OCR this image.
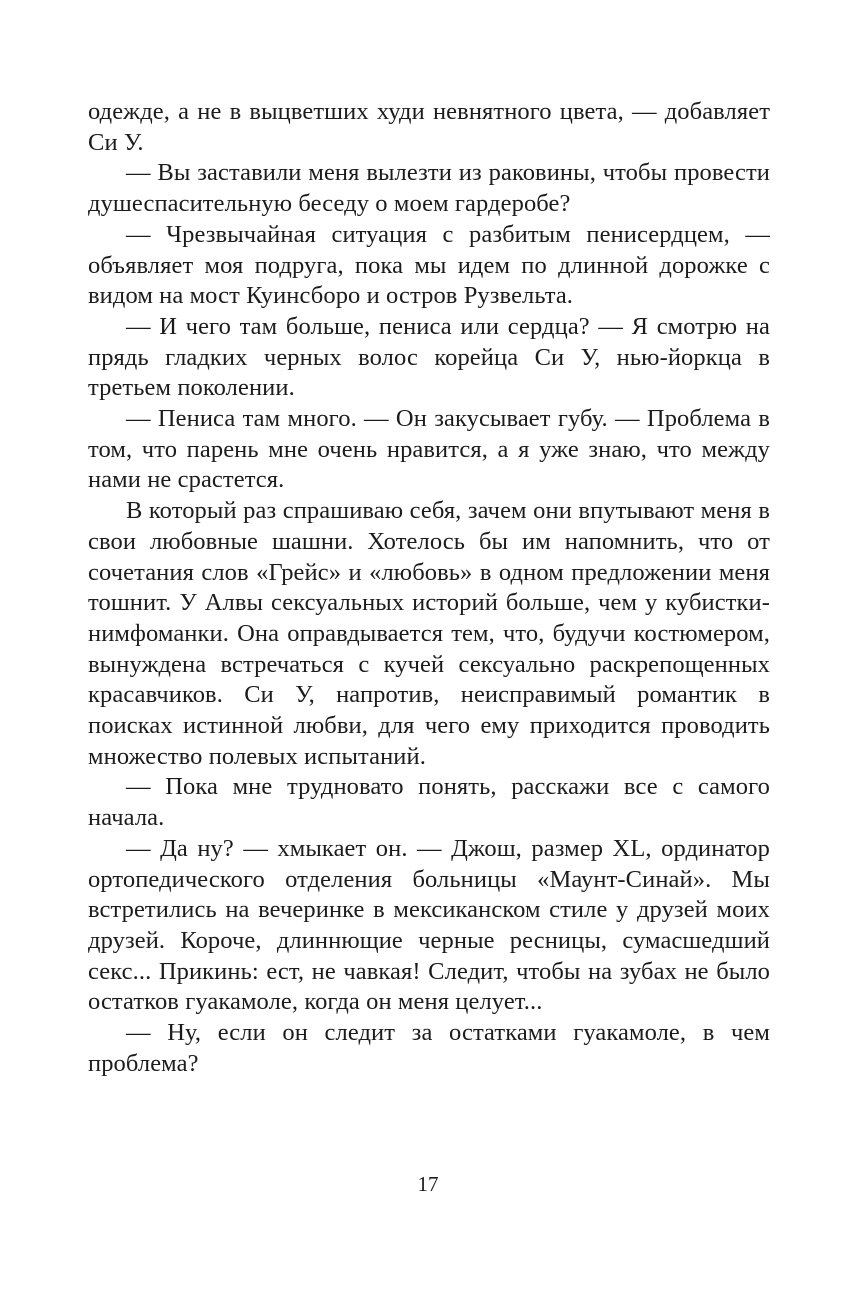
одежде, а не в выцветших худи невнятного цвета, — добавляет Си У.

— Вы заставили меня вылезти из раковины, чтобы провести душеспасительную беседу о моем гардеробе?

— Чрезвычайная ситуация с разбитым пенисердцем, — объявляет моя подруга, пока мы идем по длинной дорожке с видом на мост Куинсборо и остров Рузвельта.

— И чего там больше, пениса или сердца? — Я смотрю на прядь гладких черных волос корейца Си У, нью-йоркца в третьем поколении.

— Пениса там много. — Он закусывает губу. — Проблема в том, что парень мне очень нравится, а я уже знаю, что между нами не срастется.

В который раз спрашиваю себя, зачем они впутывают меня в свои любовные шашни. Хотелось бы им напомнить, что от сочетания слов «Грейс» и «любовь» в одном предложении меня тошнит. У Алвы сексуальных историй больше, чем у кубистки-нимфоманки. Она оправдывается тем, что, будучи костюмером, вынуждена встречаться с кучей сексуально раскрепощенных красавчиков. Си У, напротив, неисправимый романтик в поисках истинной любви, для чего ему приходится проводить множество полевых испытаний.

— Пока мне трудновато понять, расскажи все с самого начала.

— Да ну? — хмыкает он. — Джош, размер XL, ординатор ортопедического отделения больницы «Маунт-Синай». Мы встретились на вечеринке в мексиканском стиле у друзей моих друзей. Короче, длиннющие черные ресницы, сумасшедший секс... Прикинь: ест, не чавкая! Следит, чтобы на зубах не было остатков гуакамоле, когда он меня целует...

— Ну, если он следит за остатками гуакамоле, в чем проблема?

17
